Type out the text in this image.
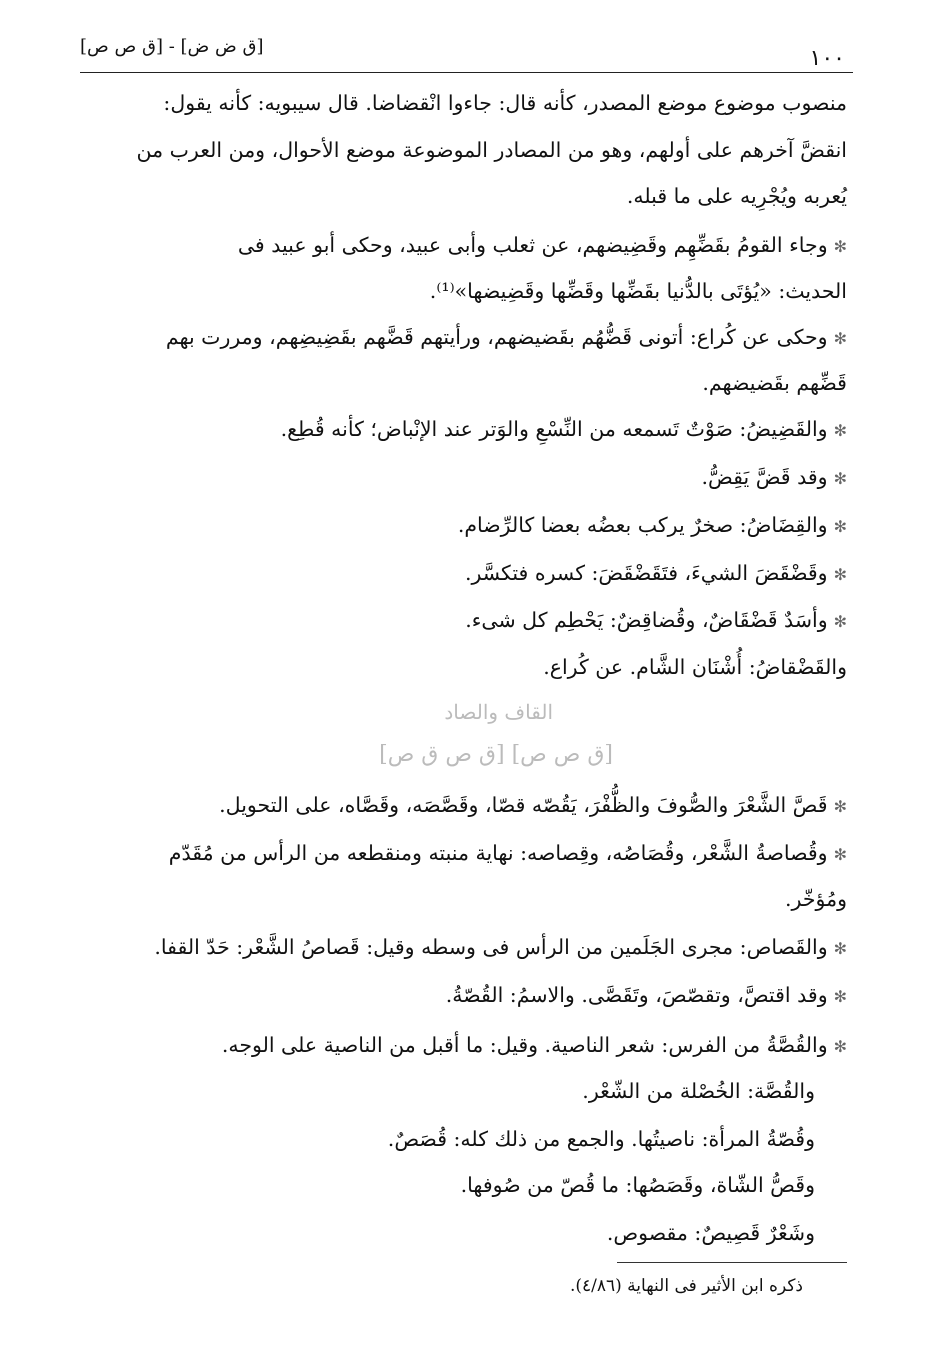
١٠٠
[ق ض ض] - [ق ص ص]
منصوب موضوع موضع المصدر، كأنه قال: جاءوا انْقضاضا. قال سيبويه: كأنه يقول:
انقضَّ آخرهم على أولهم، وهو من المصادر الموضوعة موضع الأحوال، ومن العرب من
يُعربه ويُجْرِيه على ما قبله.
✻وجاء القومُ بقَضِّهِم وقَضِيضهم، عن ثعلب وأبى عبيد، وحكى أبو عبيد فى
الحديث: «يُؤتَى بالدُّنيا بقَضِّها وقَضِّها وقَضِيضها»⁽¹⁾.
✻وحكى عن كُراع: أتونى قَضُّهُم بقَضيضهم، ورأيتهم قَضَّهم بقَضِيضِهم، ومررت بهم
قَضِّهم بقَضيضهم.
✻والقَضِيضُ: صَوْتٌ تَسمعه من النِّسْعِ والوَتر عند الإنْباض؛ كأنه قُطِع.
✻وقد قَضَّ يَقِضُّ.
✻والقِضَاضُ: صخرٌ يركب بعضُه بعضا كالرِّضام.
✻وقَضْقَضَ الشيءَ، فتَقَضْقَضَ: كسره فتكسَّر.
✻وأسَدٌ قَضْقَاضٌ، وقُضاقِضٌ: يَحْطِم كل شىء.
والقَضْقاضُ: أُشْنَان الشَّام. عن كُراع.
القاف والصاد
[ق ص ص] [ق ص ق ص]
✻قَصَّ الشَّعْرَ والصُّوفَ والظُّفْرَ، يَقُصّه قصّا، وقَصَّصَه، وقَصَّاه، على التحويل.
✻وقُصاصةُ الشَّعْر، وقُصَاصُه، وقِصاصه: نهاية منبته ومنقطعه من الرأس من مُقَدّم
ومُؤخّر.
✻والقَصاص: مجرى الجَلَمين من الرأس فى وسطه وقيل: قَصاصُ الشَّعْر: حَدّ القفا.
✻وقد اقتصَّ، وتقصّصَ، وتَقَصَّى. والاسمُ: القُصّةُ.
✻والقُصَّةُ من الفرس: شعر الناصية. وقيل: ما أقبل من الناصية على الوجه.
والقُصَّة: الخُصْلة من الشّعْر.
وقُصّةُ المرأة: ناصيتُها. والجمع من ذلك كله: قُصَصٌ.
وقَصُّ الشّاة، وقَصَصُها: ما قُصّ من صُوفها.
وشَعْرٌ قَصِيصٌ: مقصوص.
ذكره ابن الأثير فى النهاية (٤/٨٦).
